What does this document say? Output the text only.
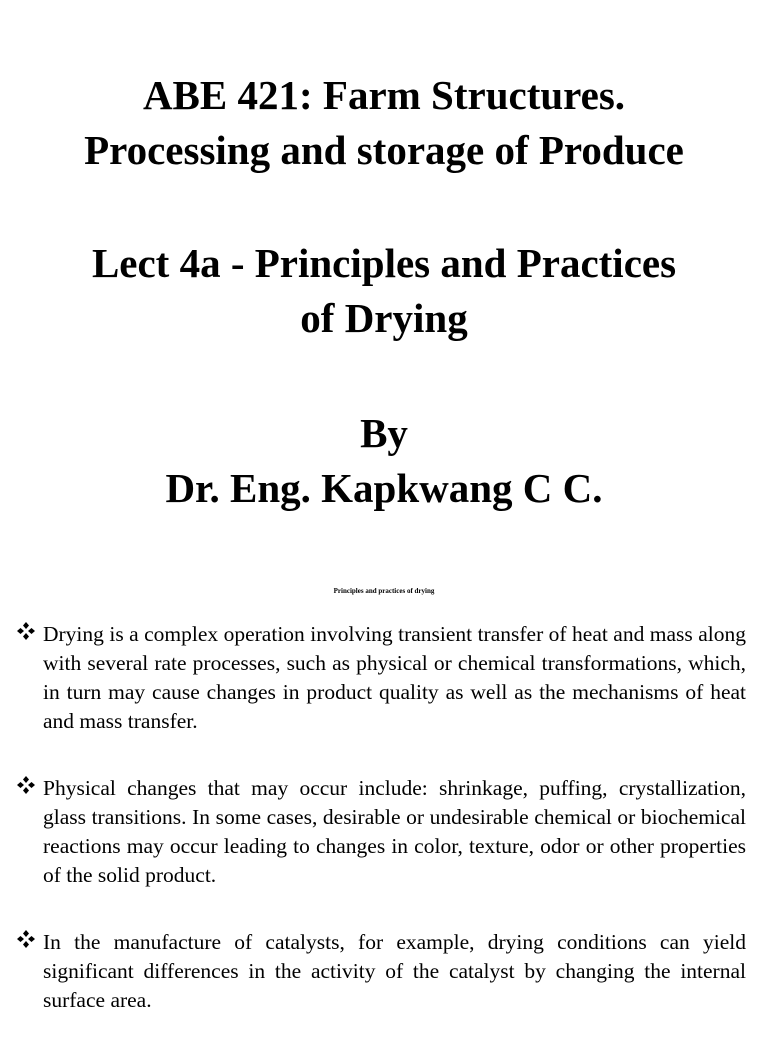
ABE 421: Farm Structures.
Processing and storage of Produce
Lect 4a - Principles and Practices
of Drying
By
Dr. Eng. Kapkwang C C.
Principles and practices of drying
Drying is a complex operation involving transient transfer of heat and mass along with several rate processes, such as physical or chemical transformations, which, in turn may cause changes in product quality as well as the mechanisms of heat and mass transfer.
Physical changes that may occur include: shrinkage, puffing, crystallization, glass transitions. In some cases, desirable or undesirable chemical or biochemical reactions may occur leading to changes in color, texture, odor or other properties of the solid product.
In the manufacture of catalysts, for example, drying conditions can yield significant differences in the activity of the catalyst by changing the internal surface area.
